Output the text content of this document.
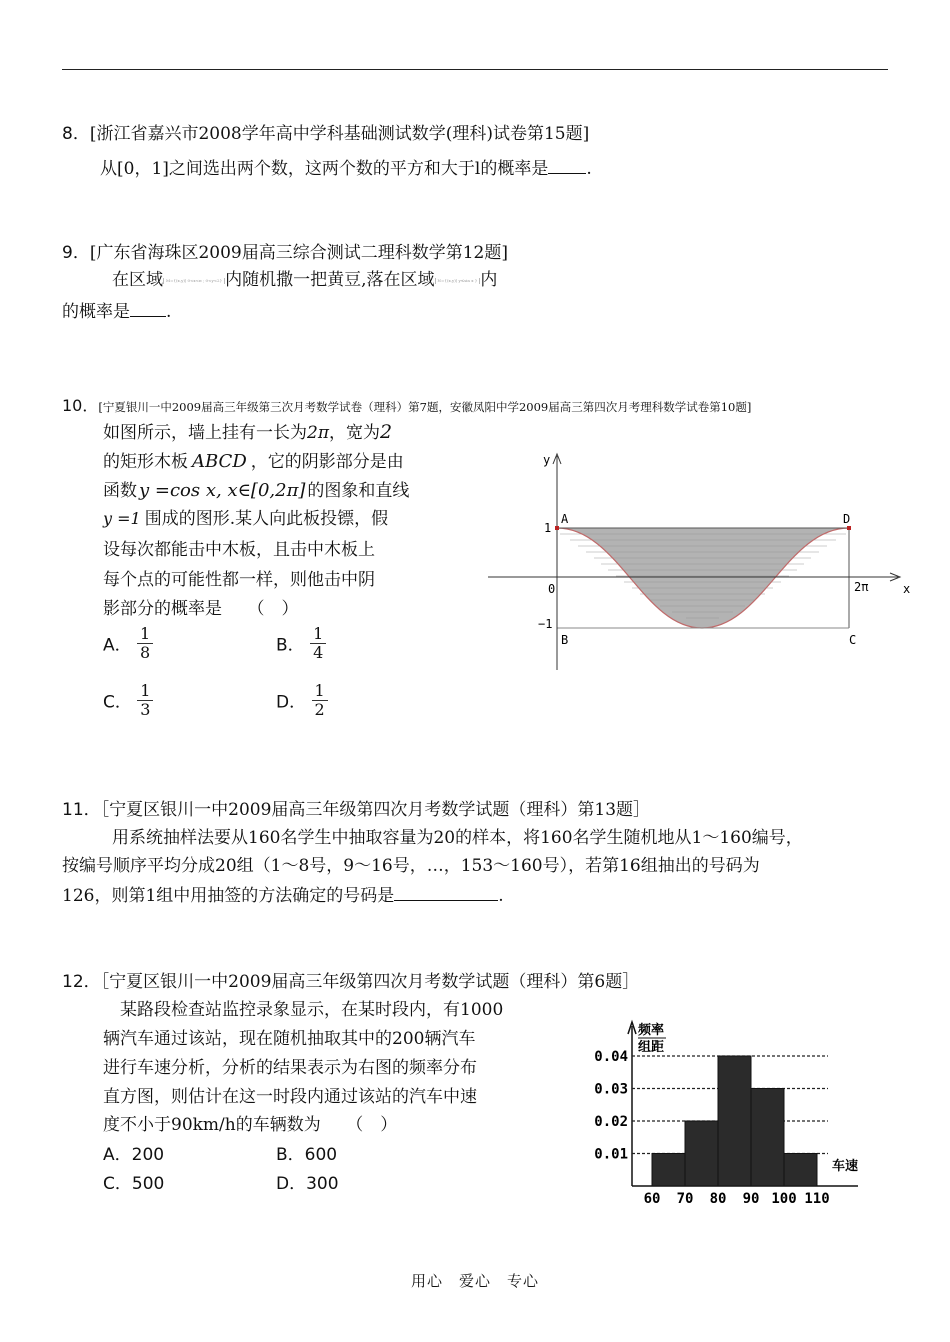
8．[浙江省嘉兴市2008学年高中学科基础测试数学(理科)试卷第15题]
从[0，1]之间选出两个数，这两个数的平方和大于l的概率是 .
9．[广东省海珠区2009届高三综合测试二理科数学第12题]
在区域 M={(x,y)| 0<x<π ; 0<y<2} 内随机撒一把黄豆,落在区域 N={(x,y)| y≤sin x } 内
的概率是 .
10．[宁夏银川一中2009届高三年级第三次月考数学试卷（理科）第7题，安徽凤阳中学2009届高三第四次月考理科数学试卷第10题]
如图所示，墙上挂有一长为2π，宽为2
的矩形木板 ABCD ，它的阴影部分是由
函数 y =cos x, x∈[0,2π] 的图象和直线
y =1 围成的图形.某人向此板投镖，假
设每次都能击中木板，且击中木板上
每个点的可能性都一样，则他击中阴
影部分的概率是　　（　）
A． $\frac{1}{8}$	B． $\frac{1}{4}$
C． $\frac{1}{3}$	D． $\frac{1}{2}$
y
x
0
1
−1
2π
A	D
B	C
11．［宁夏区银川一中2009届高三年级第四次月考数学试题（理科）第13题］
用系统抽样法要从160名学生中抽取容量为20的样本，将160名学生随机地从1～160编号，
按编号顺序平均分成20组（1～8号，9～16号，…，153～160号），若第16组抽出的号码为
126，则第1组中用抽签的方法确定的号码是	.
12．［宁夏区银川一中2009届高三年级第四次月考数学试题（理科）第6题］
某路段检查站监控录象显示，在某时段内，有1000
辆汽车通过该站，现在随机抽取其中的200辆汽车
进行车速分析，分析的结果表示为右图的频率分布
直方图，则估计在这一时段内通过该站的汽车中速
度不小于90km/h的车辆数为　　（　）
A．200	B．600
C．500	D．300
频率
组距
车速
0.04
0.03
0.02
0.01
60 70 80 90 100 110
用心　爱心　专心
